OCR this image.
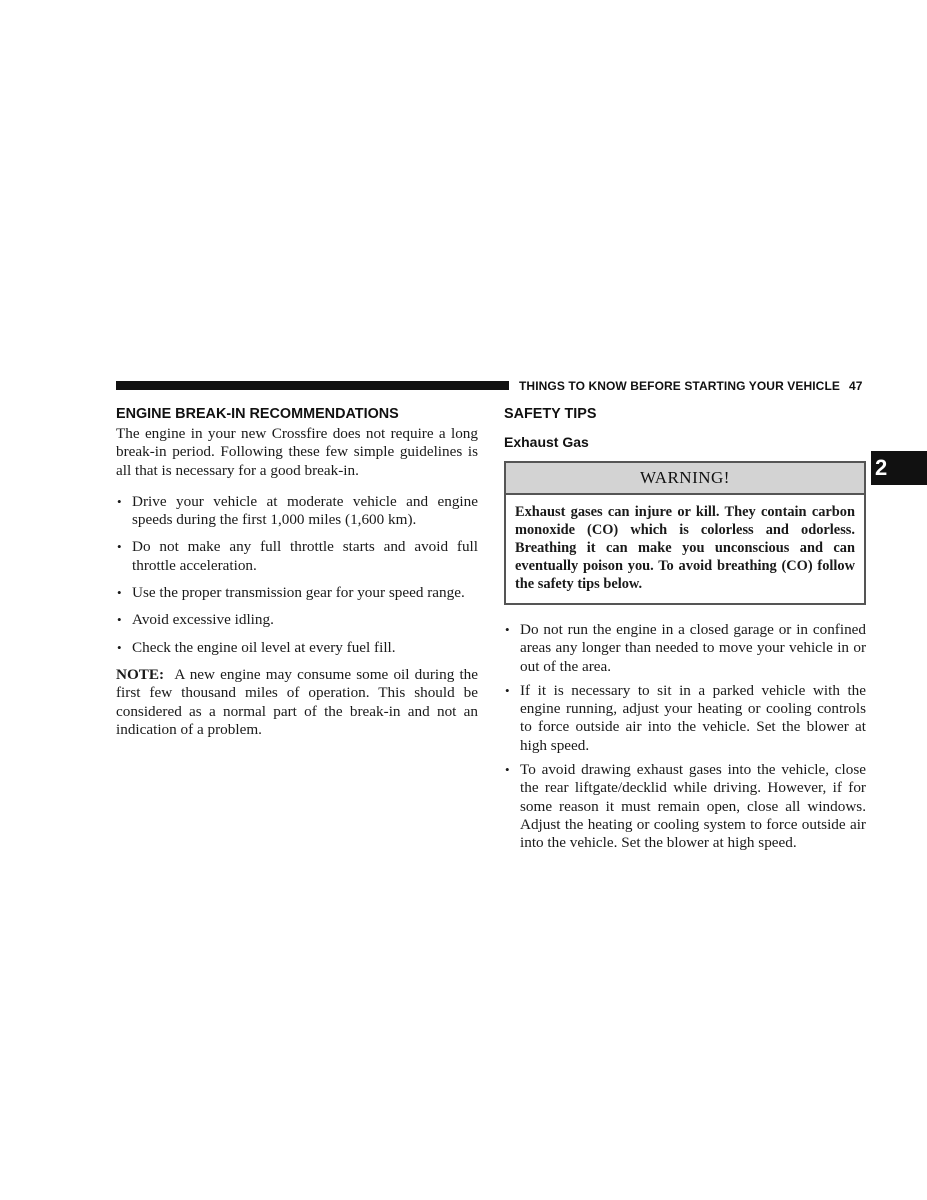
THINGS TO KNOW BEFORE STARTING YOUR VEHICLE 47
2
ENGINE BREAK-IN RECOMMENDATIONS

The engine in your new Crossfire does not require a long break-in period. Following these few simple guidelines is all that is necessary for a good break-in.

• Drive your vehicle at moderate vehicle and engine speeds during the first 1,000 miles (1,600 km).
• Do not make any full throttle starts and avoid full throttle acceleration.
• Use the proper transmission gear for your speed range.
• Avoid excessive idling.
• Check the engine oil level at every fuel fill.

NOTE: A new engine may consume some oil during the first few thousand miles of operation. This should be considered as a normal part of the break-in and not an indication of a problem.

SAFETY TIPS
Exhaust Gas
WARNING!
Exhaust gases can injure or kill. They contain carbon monoxide (CO) which is colorless and odorless. Breathing it can make you unconscious and can eventually poison you. To avoid breathing (CO) follow the safety tips below.
• Do not run the engine in a closed garage or in confined areas any longer than needed to move your vehicle in or out of the area.
• If it is necessary to sit in a parked vehicle with the engine running, adjust your heating or cooling controls to force outside air into the vehicle. Set the blower at high speed.
• To avoid drawing exhaust gases into the vehicle, close the rear liftgate/decklid while driving. However, if for some reason it must remain open, close all windows. Adjust the heating or cooling system to force outside air into the vehicle. Set the blower at high speed.
